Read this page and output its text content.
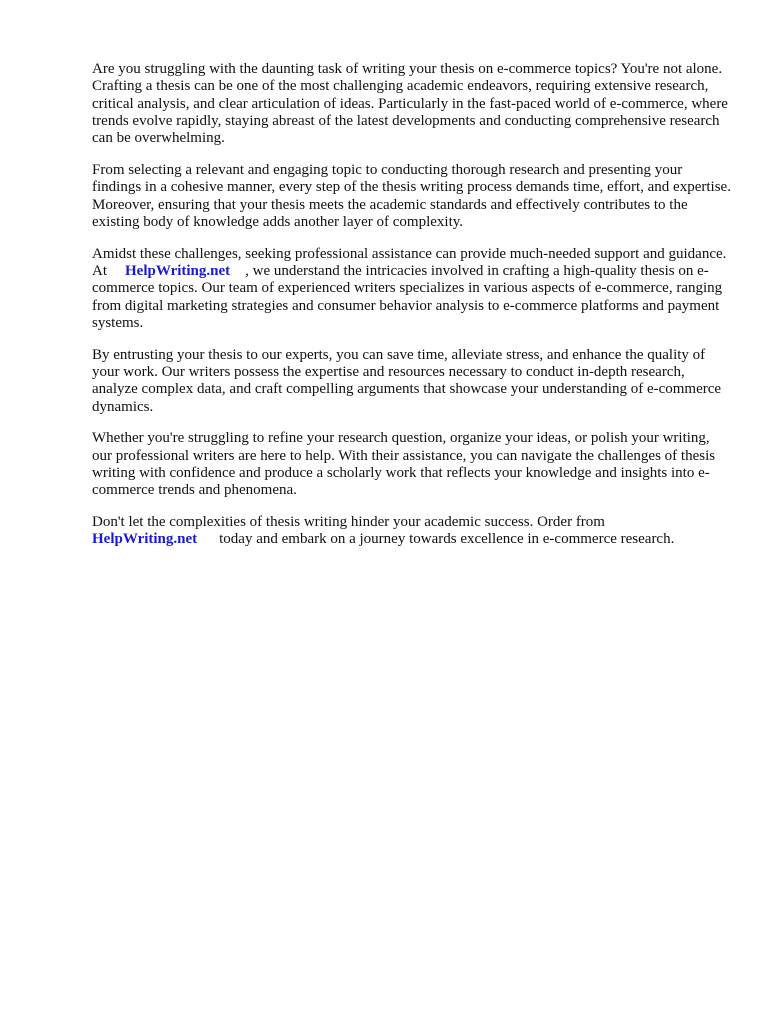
Are you struggling with the daunting task of writing your thesis on e-commerce topics? You're not alone. Crafting a thesis can be one of the most challenging academic endeavors, requiring extensive research, critical analysis, and clear articulation of ideas. Particularly in the fast-paced world of e-commerce, where trends evolve rapidly, staying abreast of the latest developments and conducting comprehensive research can be overwhelming.

From selecting a relevant and engaging topic to conducting thorough research and presenting your findings in a cohesive manner, every step of the thesis writing process demands time, effort, and expertise. Moreover, ensuring that your thesis meets the academic standards and effectively contributes to the existing body of knowledge adds another layer of complexity.

Amidst these challenges, seeking professional assistance can provide much-needed support and guidance. At HelpWriting.net , we understand the intricacies involved in crafting a high-quality thesis on e-commerce topics. Our team of experienced writers specializes in various aspects of e-commerce, ranging from digital marketing strategies and consumer behavior analysis to e-commerce platforms and payment systems.

By entrusting your thesis to our experts, you can save time, alleviate stress, and enhance the quality of your work. Our writers possess the expertise and resources necessary to conduct in-depth research, analyze complex data, and craft compelling arguments that showcase your understanding of e-commerce dynamics.

Whether you're struggling to refine your research question, organize your ideas, or polish your writing, our professional writers are here to help. With their assistance, you can navigate the challenges of thesis writing with confidence and produce a scholarly work that reflects your knowledge and insights into e-commerce trends and phenomena.

Don't let the complexities of thesis writing hinder your academic success. Order from
HelpWriting.net today and embark on a journey towards excellence in e-commerce research.
